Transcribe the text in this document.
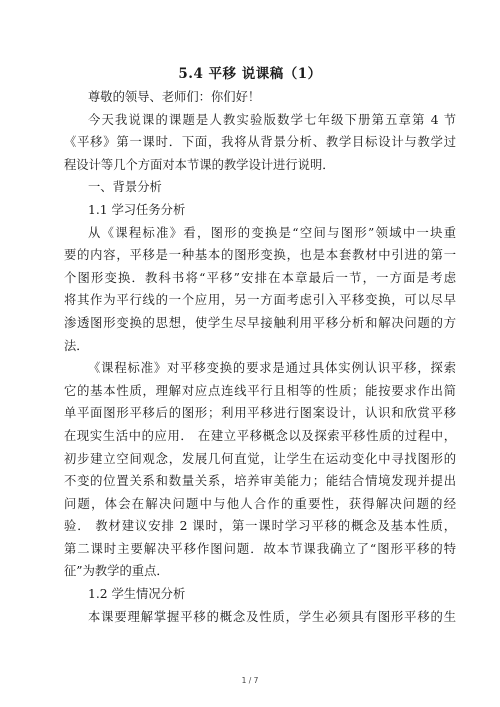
5.4 平移 说课稿（1）
尊敬的领导、老师们：你们好！
今天我说课的课题是人教实验版数学七年级下册第五章第 4 节
《平移》第一课时．下面，我将从背景分析、教学目标设计与教学过
程设计等几个方面对本节课的教学设计进行说明．
一、背景分析
1.1 学习任务分析
从《课程标准》看，图形的变换是“空间与图形”领域中一块重
要的内容，平移是一种基本的图形变换，也是本套教材中引进的第一
个图形变换．教科书将“平移”安排在本章最后一节，一方面是考虑
将其作为平行线的一个应用，另一方面考虑引入平移变换，可以尽早
渗透图形变换的思想，使学生尽早接触利用平移分析和解决问题的方
法．
《课程标准》对平移变换的要求是通过具体实例认识平移，探索
它的基本性质，理解对应点连线平行且相等的性质；能按要求作出简
单平面图形平移后的图形；利用平移进行图案设计，认识和欣赏平移
在现实生活中的应用． 在建立平移概念以及探索平移性质的过程中，
初步建立空间观念，发展几何直觉，让学生在运动变化中寻找图形的
不变的位置关系和数量关系，培养审美能力；能结合情境发现并提出
问题，体会在解决问题中与他人合作的重要性，获得解决问题的经
验． 教材建议安排 2 课时，第一课时学习平移的概念及基本性质，
第二课时主要解决平移作图问题．故本节课我确立了“图形平移的特
征”为教学的重点．
1.2 学生情况分析
本课要理解掌握平移的概念及性质，学生必须具有图形平移的生
1 / 7
